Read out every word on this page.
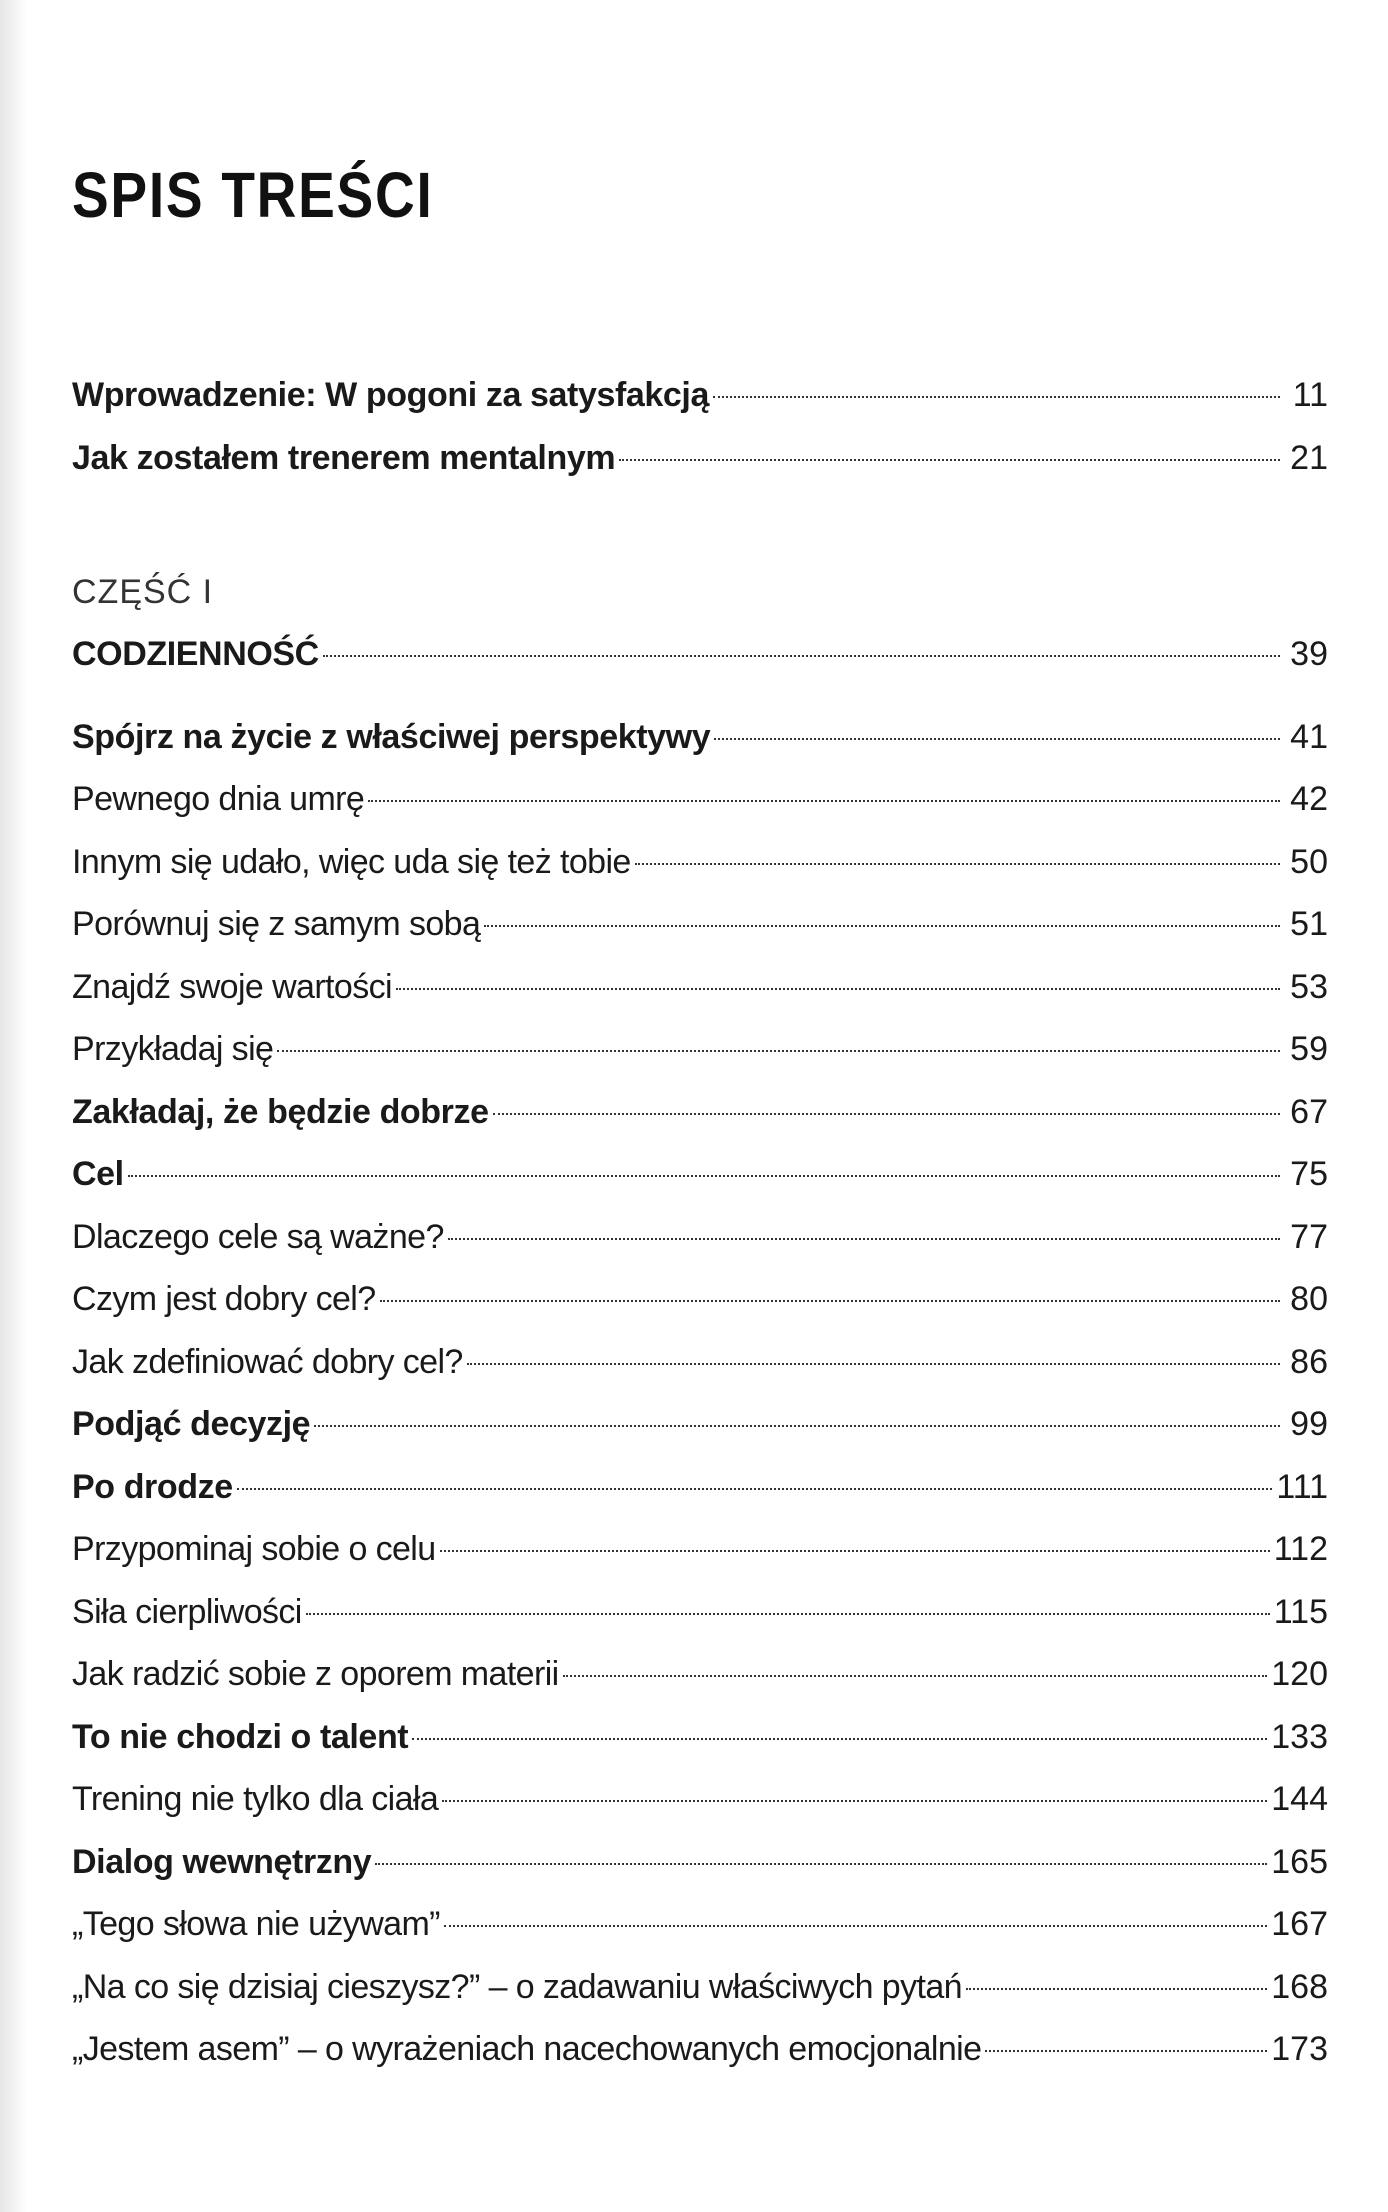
SPIS TREŚCI
Wprowadzenie: W pogoni za satysfakcją	11
Jak zostałem trenerem mentalnym	21
CZĘŚĆ I
CODZIENNOŚĆ	39
Spójrz na życie z właściwej perspektywy	41
Pewnego dnia umrę	42
Innym się udało, więc uda się też tobie	50
Porównuj się z samym sobą	51
Znajdź swoje wartości	53
Przykładaj się	59
Zakładaj, że będzie dobrze	67
Cel	75
Dlaczego cele są ważne?	77
Czym jest dobry cel?	80
Jak zdefiniować dobry cel?	86
Podjąć decyzję	99
Po drodze	111
Przypominaj sobie o celu	112
Siła cierpliwości	115
Jak radzić sobie z oporem materii	120
To nie chodzi o talent	133
Trening nie tylko dla ciała	144
Dialog wewnętrzny	165
„Tego słowa nie używam”	167
„Na co się dzisiaj cieszysz?” – o zadawaniu właściwych pytań	168
„Jestem asem” – o wyrażeniach nacechowanych emocjonalnie	173
